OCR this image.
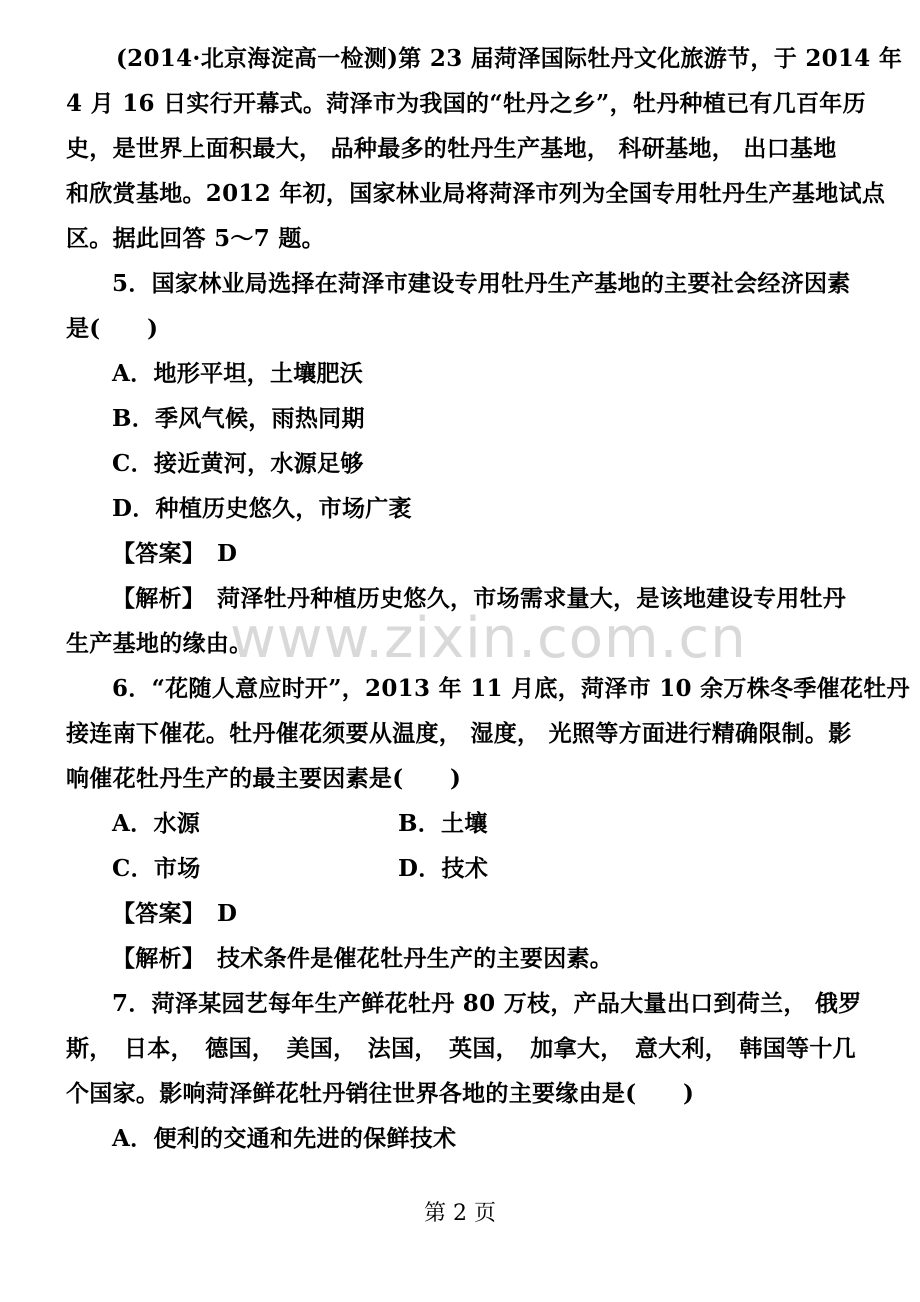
(2014·北京海淀高一检测)第 23 届菏泽国际牡丹文化旅游节，于 2014 年
4 月 16 日实行开幕式。菏泽市为我国的“牡丹之乡”，牡丹种植已有几百年历
史，是世界上面积最大， 品种最多的牡丹生产基地， 科研基地， 出口基地
和欣赏基地。2012 年初，国家林业局将菏泽市列为全国专用牡丹生产基地试点
区。据此回答 5～7 题。
5．国家林业局选择在菏泽市建设专用牡丹生产基地的主要社会经济因素
是(　　)
A．地形平坦，土壤肥沃
B．季风气候，雨热同期
C．接近黄河，水源足够
D．种植历史悠久，市场广袤
【答案】　D
【解析】　菏泽牡丹种植历史悠久，市场需求量大，是该地建设专用牡丹
www.zixin.com.cn
生产基地的缘由。
6．“花随人意应时开”，2013 年 11 月底，菏泽市 10 余万株冬季催花牡丹
接连南下催花。牡丹催花须要从温度， 湿度， 光照等方面进行精确限制。影
响催花牡丹生产的最主要因素是(　　)
A．水源	B．土壤
C．市场	D．技术
【答案】　D
【解析】　技术条件是催花牡丹生产的主要因素。
7．菏泽某园艺每年生产鲜花牡丹 80 万枝，产品大量出口到荷兰， 俄罗
斯， 日本， 德国， 美国， 法国， 英国， 加拿大， 意大利， 韩国等十几
个国家。影响菏泽鲜花牡丹销往世界各地的主要缘由是(　　)
A．便利的交通和先进的保鲜技术
第 2 页
